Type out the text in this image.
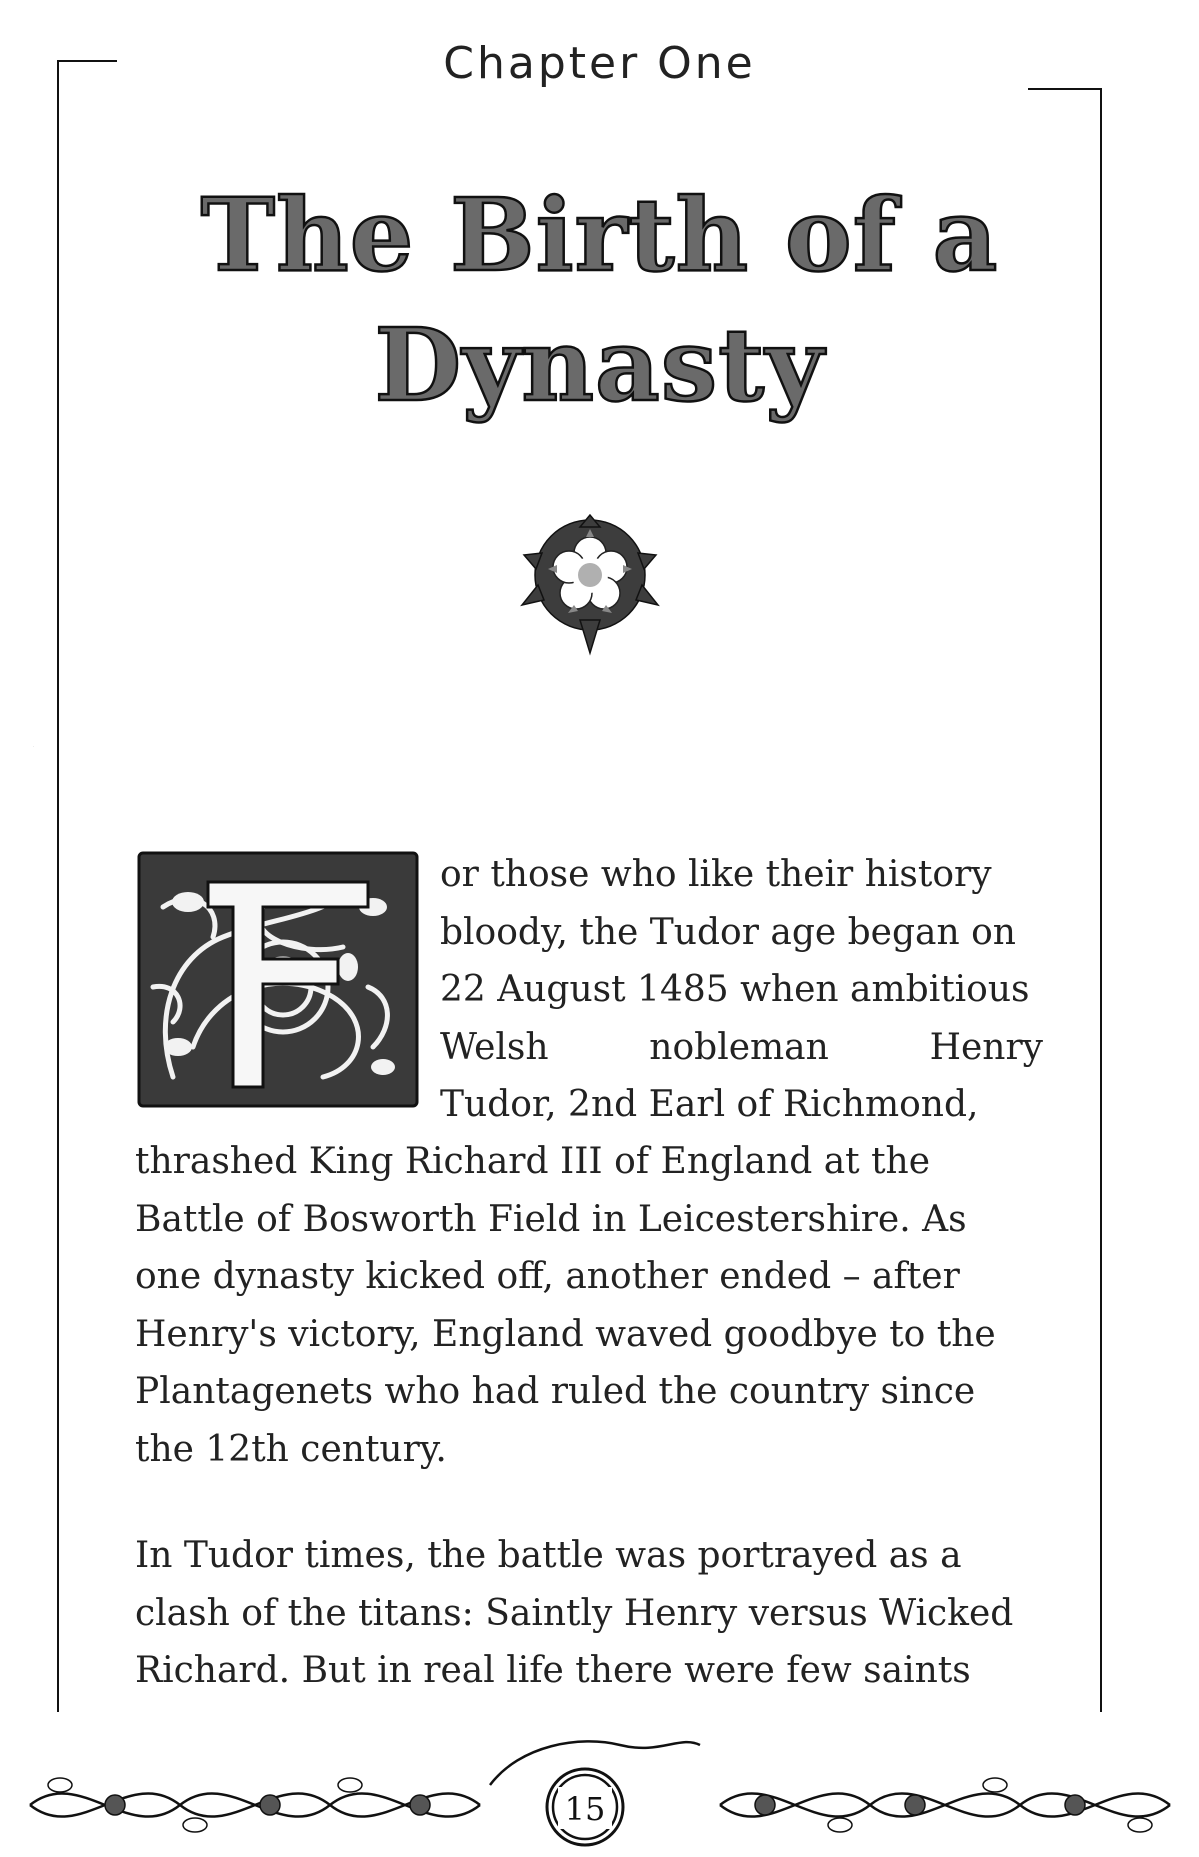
Chapter One
The Birth of a
Dynasty
F
or those who like their history
bloody, the Tudor age began on
22 August 1485 when ambitious
Welsh nobleman Henry
Tudor, 2nd Earl of Richmond,
thrashed King Richard III of England at the
Battle of Bosworth Field in Leicestershire. As
one dynasty kicked off, another ended – after
Henry's victory, England waved goodbye to the
Plantagenets who had ruled the country since
the 12th century.
In Tudor times, the battle was portrayed as a
clash of the titans: Saintly Henry versus Wicked
Richard. But in real life there were few saints
15
